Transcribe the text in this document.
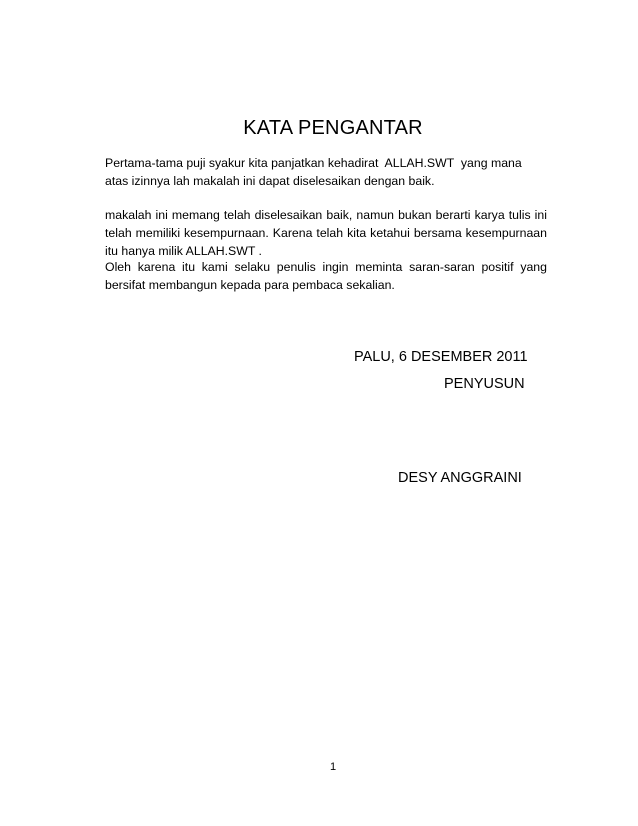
KATA PENGANTAR
Pertama-tama puji syakur kita panjatkan kehadirat  ALLAH.SWT  yang mana
atas izinnya lah makalah ini dapat diselesaikan dengan baik.
makalah ini memang telah diselesaikan baik, namun bukan berarti karya tulis ini telah memiliki kesempurnaan. Karena telah kita ketahui bersama kesempurnaan itu hanya milik ALLAH.SWT .
Oleh karena itu kami selaku penulis ingin meminta saran-saran positif yang bersifat membangun kepada para pembaca sekalian.
PALU, 6 DESEMBER 2011
PENYUSUN
DESY ANGGRAINI
1
